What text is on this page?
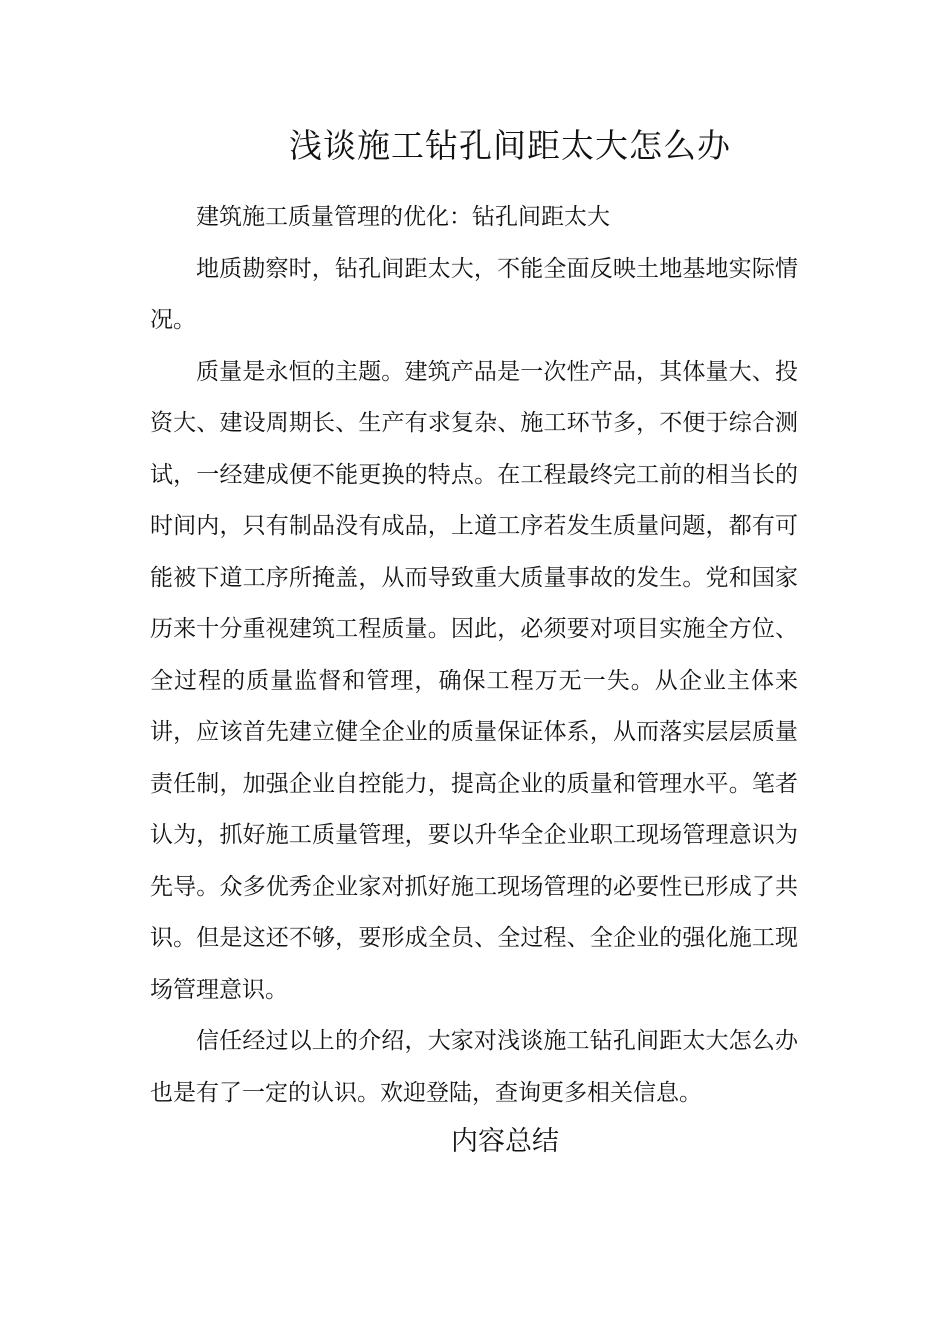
浅谈施工钻孔间距太大怎么办

建筑施工质量管理的优化：钻孔间距太大

地质勘察时，钻孔间距太大，不能全面反映土地基地实际情况。

质量是永恒的主题。建筑产品是一次性产品，其体量大、投资大、建设周期长、生产有求复杂、施工环节多，不便于综合测试，一经建成便不能更换的特点。在工程最终完工前的相当长的时间内，只有制品没有成品，上道工序若发生质量问题，都有可能被下道工序所掩盖，从而导致重大质量事故的发生。党和国家历来十分重视建筑工程质量。因此，必须要对项目实施全方位、全过程的质量监督和管理，确保工程万无一失。从企业主体来讲，应该首先建立健全企业的质量保证体系，从而落实层层质量责任制，加强企业自控能力，提高企业的质量和管理水平。笔者认为，抓好施工质量管理，要以升华全企业职工现场管理意识为先导。众多优秀企业家对抓好施工现场管理的必要性已形成了共识。但是这还不够，要形成全员、全过程、全企业的强化施工现场管理意识。

信任经过以上的介绍，大家对浅谈施工钻孔间距太大怎么办也是有了一定的认识。欢迎登陆，查询更多相关信息。

内容总结
